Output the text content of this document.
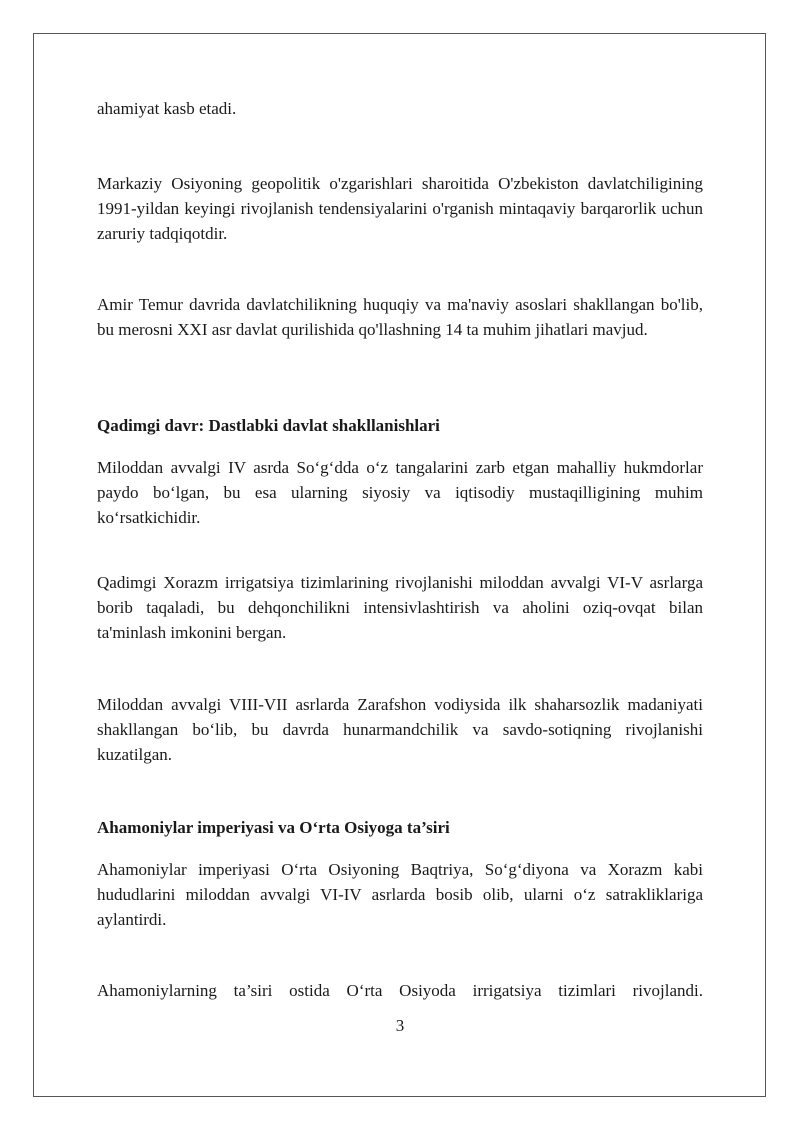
ahamiyat kasb etadi.

Markaziy Osiyoning geopolitik o'zgarishlari sharoitida O'zbekiston davlatchiligining 1991-yildan keyingi rivojlanish tendensiyalarini o'rganish mintaqaviy barqarorlik uchun zaruriy tadqiqotdir.

Amir Temur davrida davlatchilikning huquqiy va ma'naviy asoslari shakllangan bo'lib, bu merosni XXI asr davlat qurilishida qo'llashning 14 ta muhim jihatlari mavjud.

Qadimgi davr: Dastlabki davlat shakllanishlari

Miloddan avvalgi IV asrda So‘g‘dda o‘z tangalarini zarb etgan mahalliy hukmdorlar paydo bo‘lgan, bu esa ularning siyosiy va iqtisodiy mustaqilligining muhim ko‘rsatkichidir.

Qadimgi Xorazm irrigatsiya tizimlarining rivojlanishi miloddan avvalgi VI-V asrlarga borib taqaladi, bu dehqonchilikni intensivlashtirish va aholini oziq-ovqat bilan ta'minlash imkonini bergan.

Miloddan avvalgi VIII-VII asrlarda Zarafshon vodiysida ilk shaharsozlik madaniyati shakllangan bo‘lib, bu davrda hunarmandchilik va savdo-sotiqning rivojlanishi kuzatilgan.

Ahamoniylar imperiyasi va O‘rta Osiyoga ta’siri

Ahamoniylar imperiyasi O‘rta Osiyoning Baqtriya, So‘g‘diyona va Xorazm kabi hududlarini miloddan avvalgi VI-IV asrlarda bosib olib, ularni o‘z satrakliklariga aylantirdi.

Ahamoniylarning ta’siri ostida O‘rta Osiyoda irrigatsiya tizimlari rivojlandi.

3
